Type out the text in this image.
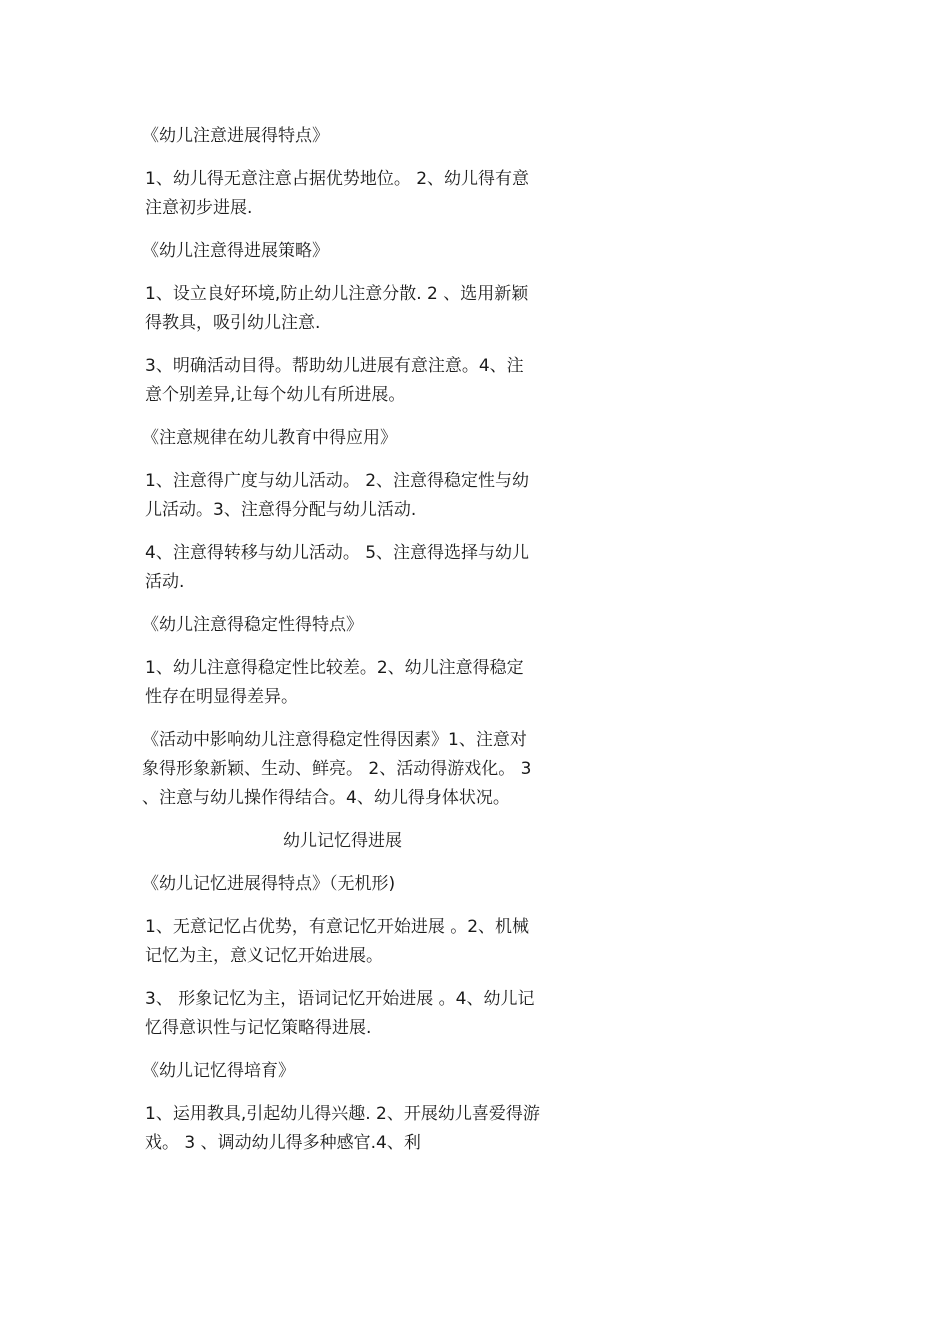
《幼儿注意进展得特点》

1、幼儿得无意注意占据优势地位。 2、幼儿得有意注意初步进展.

《幼儿注意得进展策略》

1、设立良好环境,防止幼儿注意分散. 2 、选用新颖得教具，吸引幼儿注意.

3、明确活动目得。帮助幼儿进展有意注意。4、注意个别差异,让每个幼儿有所进展。

《注意规律在幼儿教育中得应用》

1、注意得广度与幼儿活动。 2、注意得稳定性与幼儿活动。3、注意得分配与幼儿活动.

4、注意得转移与幼儿活动。 5、注意得选择与幼儿活动.

《幼儿注意得稳定性得特点》

1、幼儿注意得稳定性比较差。2、幼儿注意得稳定性存在明显得差异。

《活动中影响幼儿注意得稳定性得因素》1、注意对象得形象新颖、生动、鲜亮。 2、活动得游戏化。 3 、注意与幼儿操作得结合。4、幼儿得身体状况。

幼儿记忆得进展

《幼儿记忆进展得特点》（无机形)

1、无意记忆占优势，有意记忆开始进展 。2、机械记忆为主，意义记忆开始进展。

3、 形象记忆为主，语词记忆开始进展 。4、幼儿记忆得意识性与记忆策略得进展.

《幼儿记忆得培育》

1、运用教具,引起幼儿得兴趣. 2、开展幼儿喜爱得游戏。 3 、调动幼儿得多种感官.4、利
